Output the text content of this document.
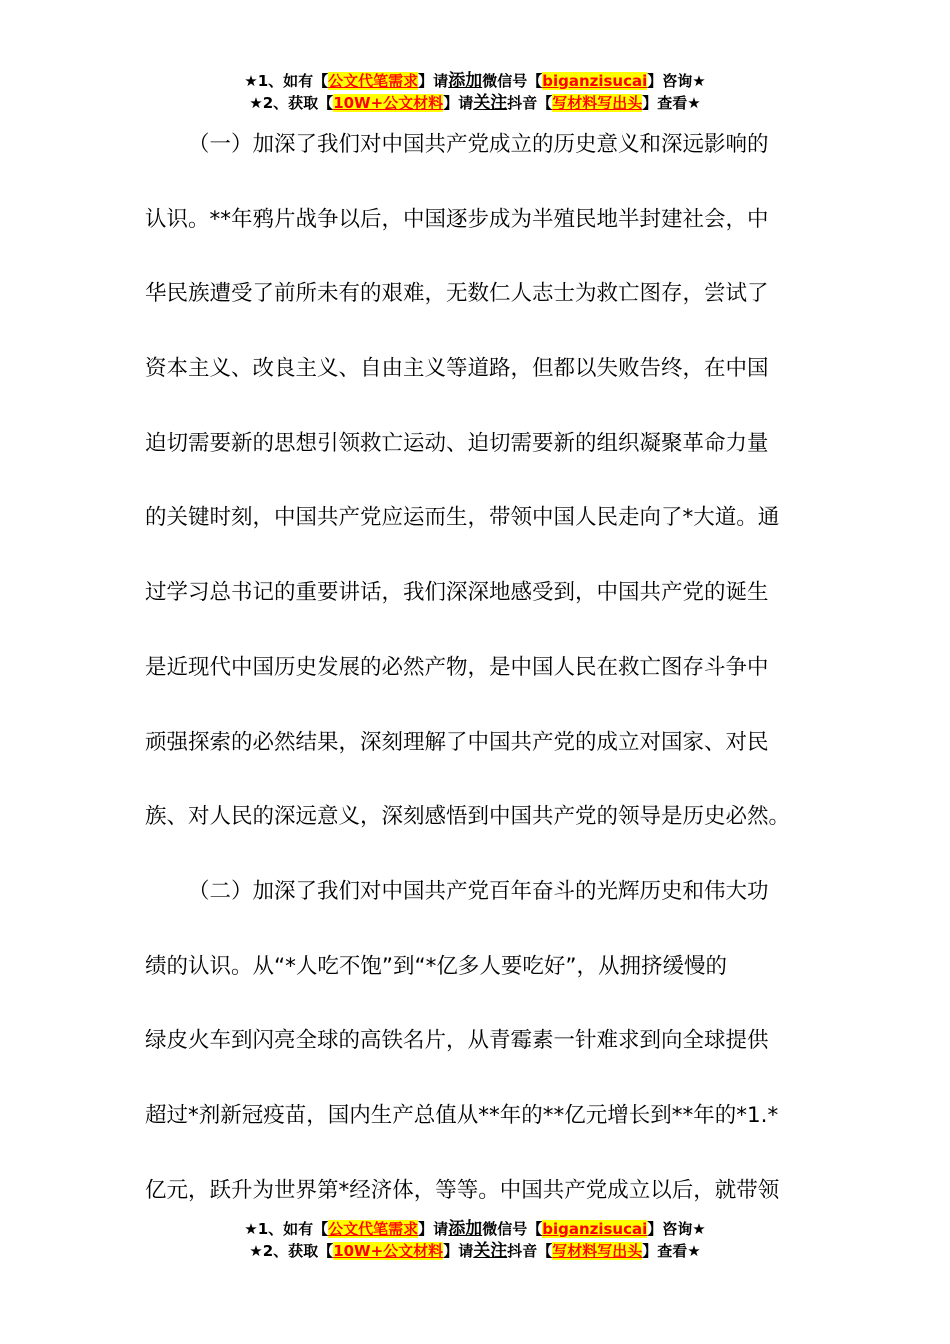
★1、如有【公文代笔需求】请添加微信号【biganzisucai】咨询★
★2、获取【10W+公文材料】请关注抖音【写材料写出头】查看★
（一）加深了我们对中国共产党成立的历史意义和深远影响的
认识。**年鸦片战争以后，中国逐步成为半殖民地半封建社会，中
华民族遭受了前所未有的艰难，无数仁人志士为救亡图存，尝试了
资本主义、改良主义、自由主义等道路，但都以失败告终，在中国
迫切需要新的思想引领救亡运动、迫切需要新的组织凝聚革命力量
的关键时刻，中国共产党应运而生，带领中国人民走向了*大道。通
过学习总书记的重要讲话，我们深深地感受到，中国共产党的诞生
是近现代中国历史发展的必然产物，是中国人民在救亡图存斗争中
顽强探索的必然结果，深刻理解了中国共产党的成立对国家、对民
族、对人民的深远意义，深刻感悟到中国共产党的领导是历史必然。
（二）加深了我们对中国共产党百年奋斗的光辉历史和伟大功
绩的认识。从“*人吃不饱”到“*亿多人要吃好”，从拥挤缓慢的
绿皮火车到闪亮全球的高铁名片，从青霉素一针难求到向全球提供
超过*剂新冠疫苗，国内生产总值从**年的**亿元增长到**年的*1.*
亿元，跃升为世界第*经济体，等等。中国共产党成立以后，就带领
★1、如有【公文代笔需求】请添加微信号【biganzisucai】咨询★
★2、获取【10W+公文材料】请关注抖音【写材料写出头】查看★
